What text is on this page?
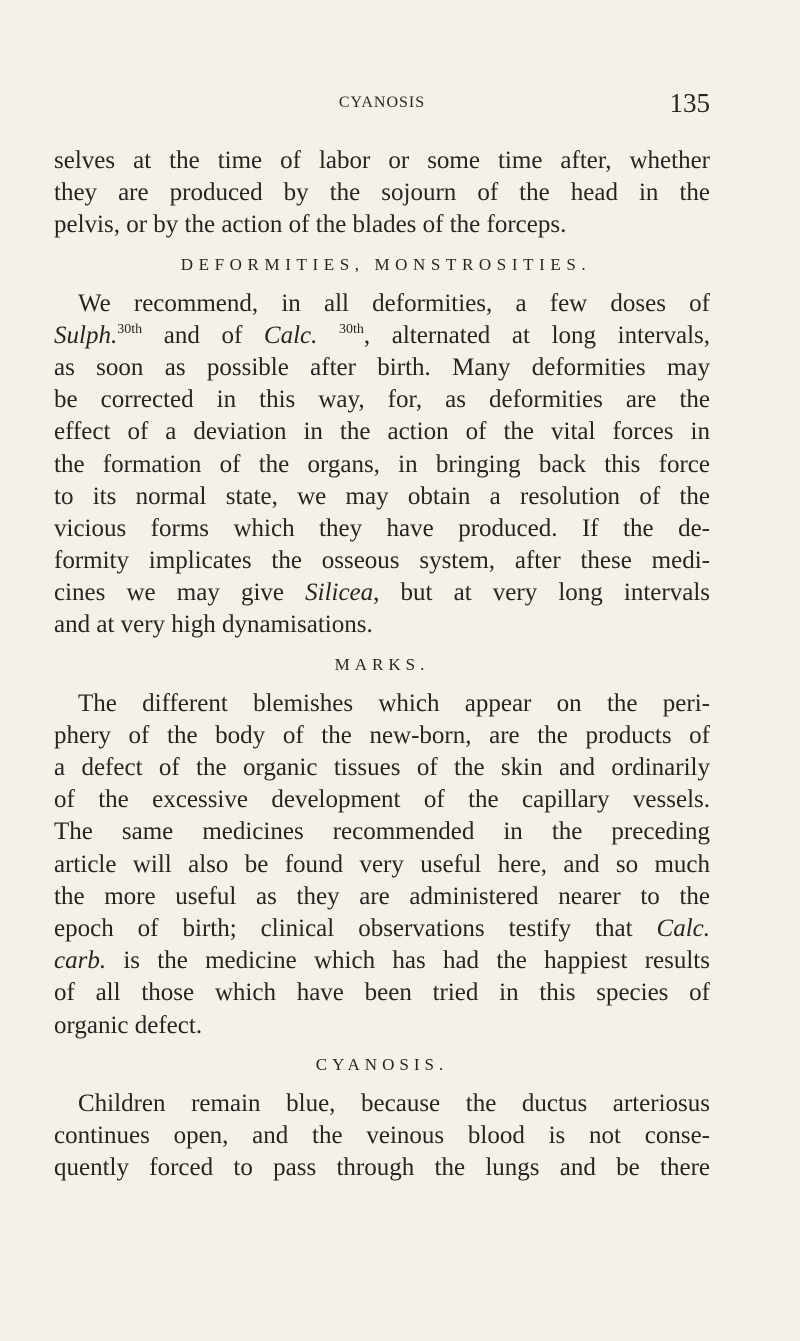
CYANOSIS	135
selves at the time of labor or some time after, whether
they are produced by the sojourn of the head in the
pelvis, or by the action of the blades of the forceps.
DEFORMITIES, MONSTROSITIES.
We recommend, in all deformities, a few doses of
Sulph.$^{30th}$ and of Calc. $^{30th}$, alternated at long intervals,
as soon as possible after birth. Many deformities may
be corrected in this way, for, as deformities are the
effect of a deviation in the action of the vital forces in
the formation of the organs, in bringing back this force
to its normal state, we may obtain a resolution of the
vicious forms which they have produced. If the de-
formity implicates the osseous system, after these medi-
cines we may give Silicea, but at very long intervals
and at very high dynamisations.
MARKS.
The different blemishes which appear on the peri-
phery of the body of the new-born, are the products of
a defect of the organic tissues of the skin and ordinarily
of the excessive development of the capillary vessels.
The same medicines recommended in the preceding
article will also be found very useful here, and so much
the more useful as they are administered nearer to the
epoch of birth; clinical observations testify that Calc.
carb. is the medicine which has had the happiest results
of all those which have been tried in this species of
organic defect.
CYANOSIS.
Children remain blue, because the ductus arteriosus
continues open, and the veinous blood is not conse-
quently forced to pass through the lungs and be there
